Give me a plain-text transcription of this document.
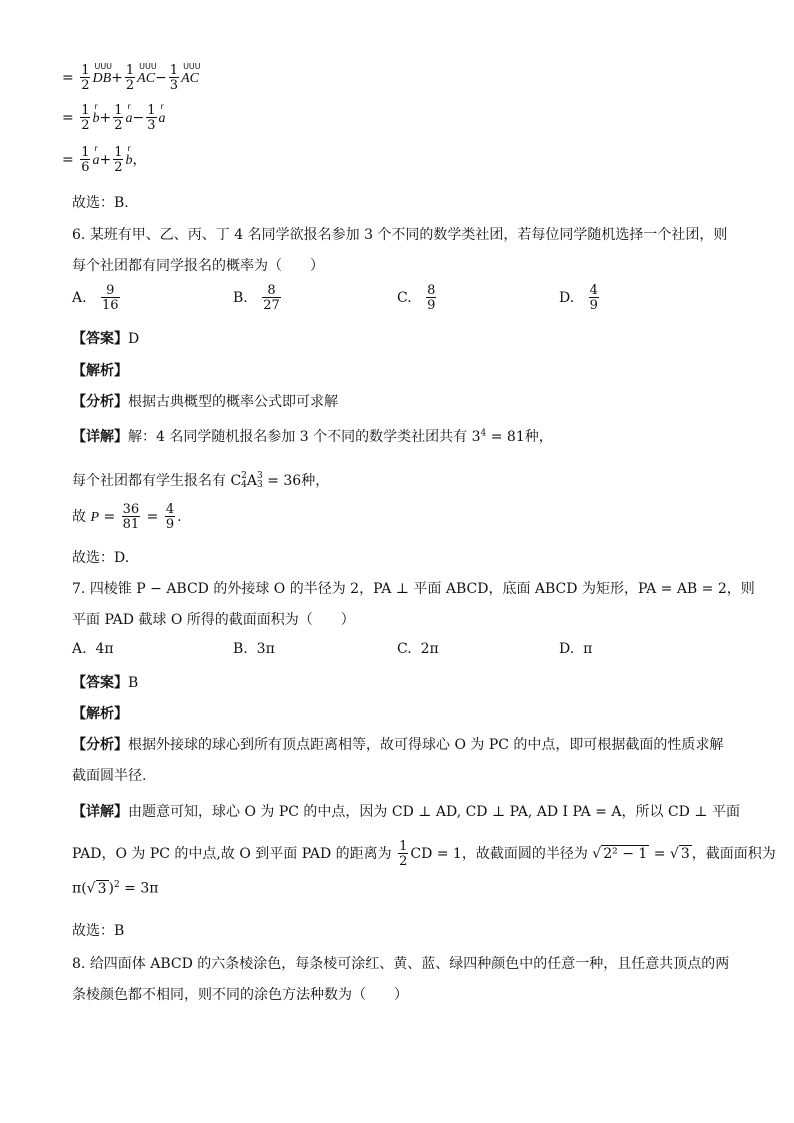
= $\frac{1}{2}$ UUU
$DB+ \frac{1}{2}$ UUU
$AC- \frac{1}{3}$ UUU
AC
= $\frac{1}{2}$ r
$b+ \frac{1}{2}$ r
$a- \frac{1}{3}$ r
a
= $\frac{1}{6}$ r
$a+ \frac{1}{2}$ r
b，
故选：B.
6. 某班有甲、乙、丙、丁 4 名同学欲报名参加 3 个不同的数学类社团，若每位同学随机选择一个社团，则
每个社团都有同学报名的概率为（　　）
A. $\frac{9}{16}$	B. $\frac{8}{27}$	C. $\frac{8}{9}$	D. $\frac{4}{9}$
【答案】D
【解析】
【分析】根据古典概型的概率公式即可求解
【详解】解：4 名同学随机报名参加 3 个不同的数学类社团共有 $3^4 = 81$种，
每个社团都有学生报名有 C 2
4 A 3
3 = 36种，
故 $P = \frac{36}{81} = \frac{4}{9}$ .
故选：D.
7. 四棱锥 P − ABCD 的外接球 O 的半径为 2，PA ⊥ 平面 ABCD，底面 ABCD 为矩形，PA = AB = 2，则
平面 PAD 截球 O 所得的截面面积为（　　）
A. 4π	B. 3π	C. 2π	D. π
【答案】B
【解析】
【分析】根据外接球的球心到所有顶点距离相等，故可得球心 O 为 PC 的中点，即可根据截面的性质求解
截面圆半径.
【详解】由题意可知，球心 O 为 PC 的中点，因为 CD ⊥ AD, CD ⊥ PA, AD I PA = A，所以 CD ⊥ 平面
PAD，O 为 PC 的中点,故 O 到平面 PAD 的距离为 $\frac{1}{2}$ CD = 1，故截面圆的半径为 √ 2² − 1 = √ 3 ，截面面积为
π(√ 3 )$^2$ = 3π
故选：B
8. 给四面体 ABCD 的六条棱涂色，每条棱可涂红、黄、蓝、绿四种颜色中的任意一种，且任意共顶点的两
条棱颜色都不相同，则不同的涂色方法种数为（　　）
